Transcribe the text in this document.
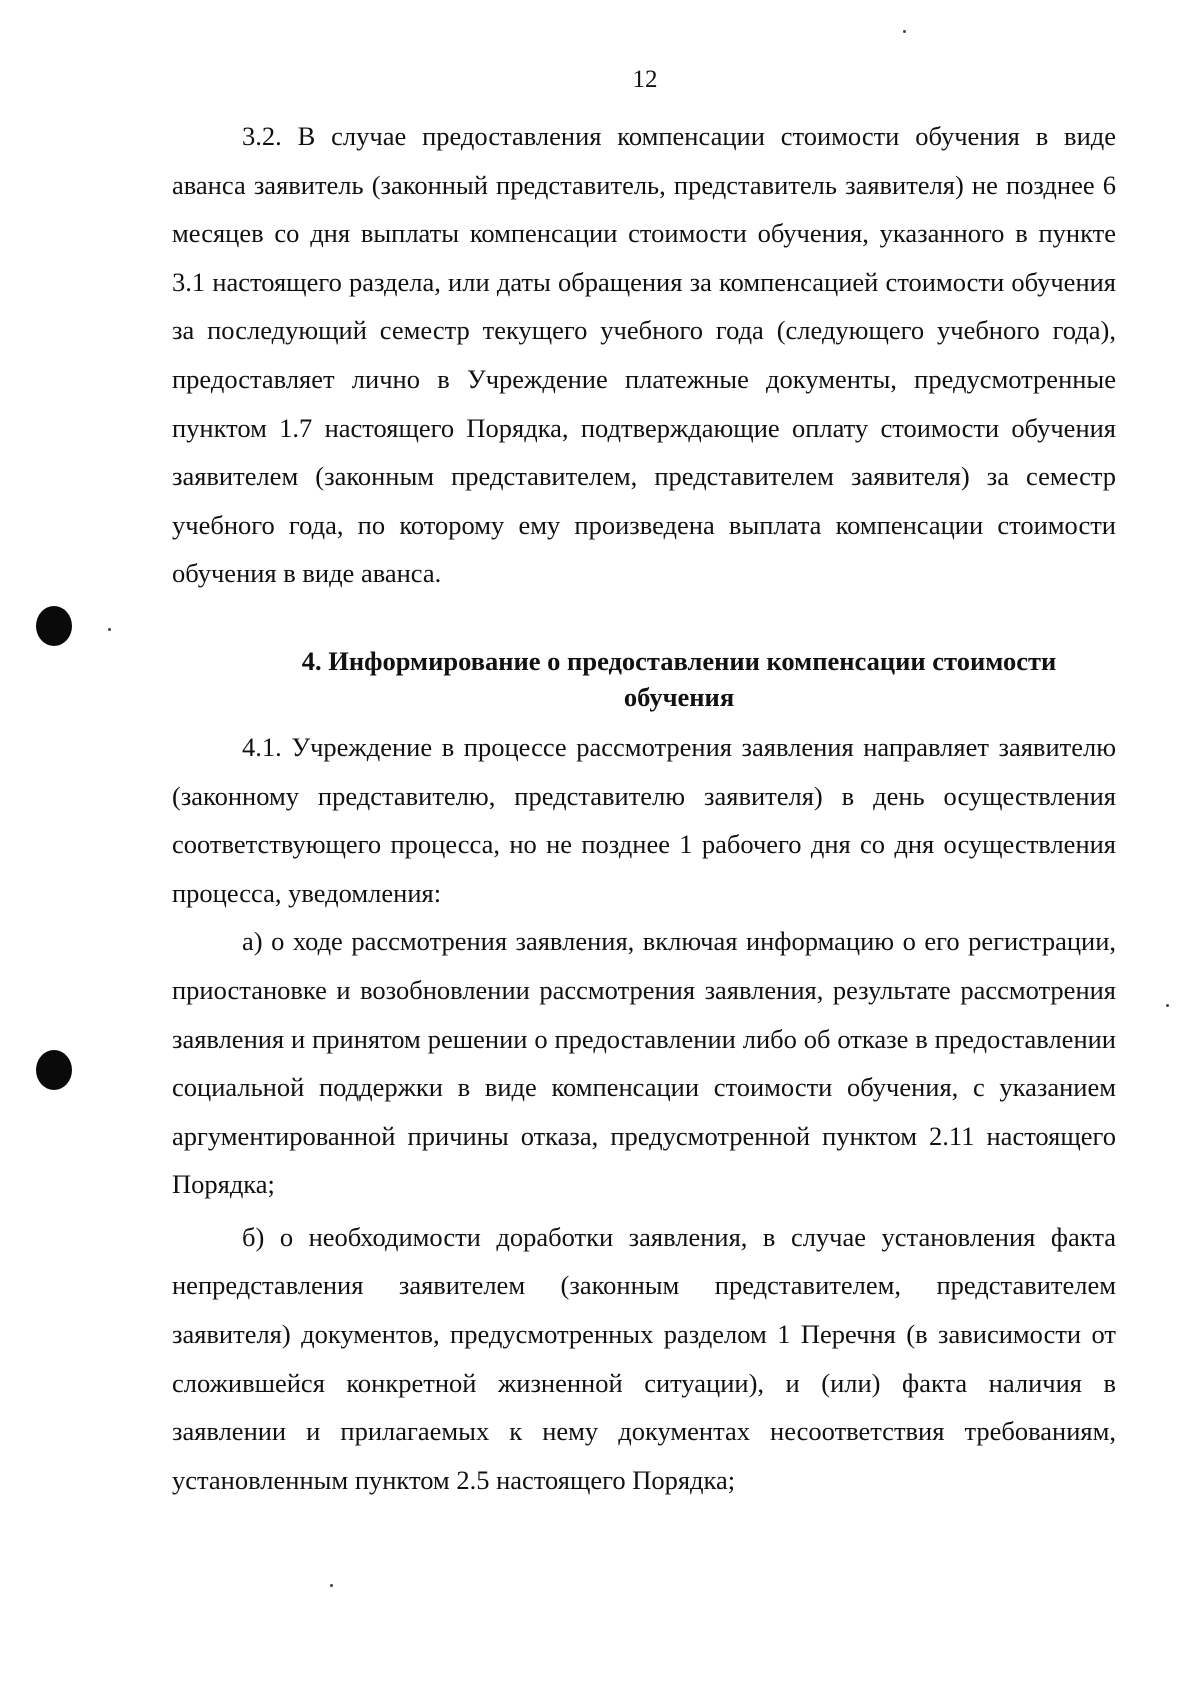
12

3.2. В случае предоставления компенсации стоимости обучения в виде аванса заявитель (законный представитель, представитель заявителя) не позднее 6 месяцев со дня выплаты компенсации стоимости обучения, указанного в пункте 3.1 настоящего раздела, или даты обращения за компенсацией стоимости обучения за последующий семестр текущего учебного года (следующего учебного года), предоставляет лично в Учреждение платежные документы, предусмотренные пунктом 1.7 настоящего Порядка, подтверждающие оплату стоимости обучения заявителем (законным представителем, представителем заявителя) за семестр учебного года, по которому ему произведена выплата компенсации стоимости обучения в виде аванса.

4. Информирование о предоставлении компенсации стоимости
обучения

4.1. Учреждение в процессе рассмотрения заявления направляет заявителю (законному представителю, представителю заявителя) в день осуществления соответствующего процесса, но не позднее 1 рабочего дня со дня осуществления процесса, уведомления:

а) о ходе рассмотрения заявления, включая информацию о его регистрации, приостановке и возобновлении рассмотрения заявления, результате рассмотрения заявления и принятом решении о предоставлении либо об отказе в предоставлении социальной поддержки в виде компенсации стоимости обучения, с указанием аргументированной причины отказа, предусмотренной пунктом 2.11 настоящего Порядка;

б) о необходимости доработки заявления, в случае установления факта непредставления заявителем (законным представителем, представителем заявителя) документов, предусмотренных разделом 1 Перечня (в зависимости от сложившейся конкретной жизненной ситуации), и (или) факта наличия в заявлении и прилагаемых к нему документах несоответствия требованиям, установленным пунктом 2.5 настоящего Порядка;
